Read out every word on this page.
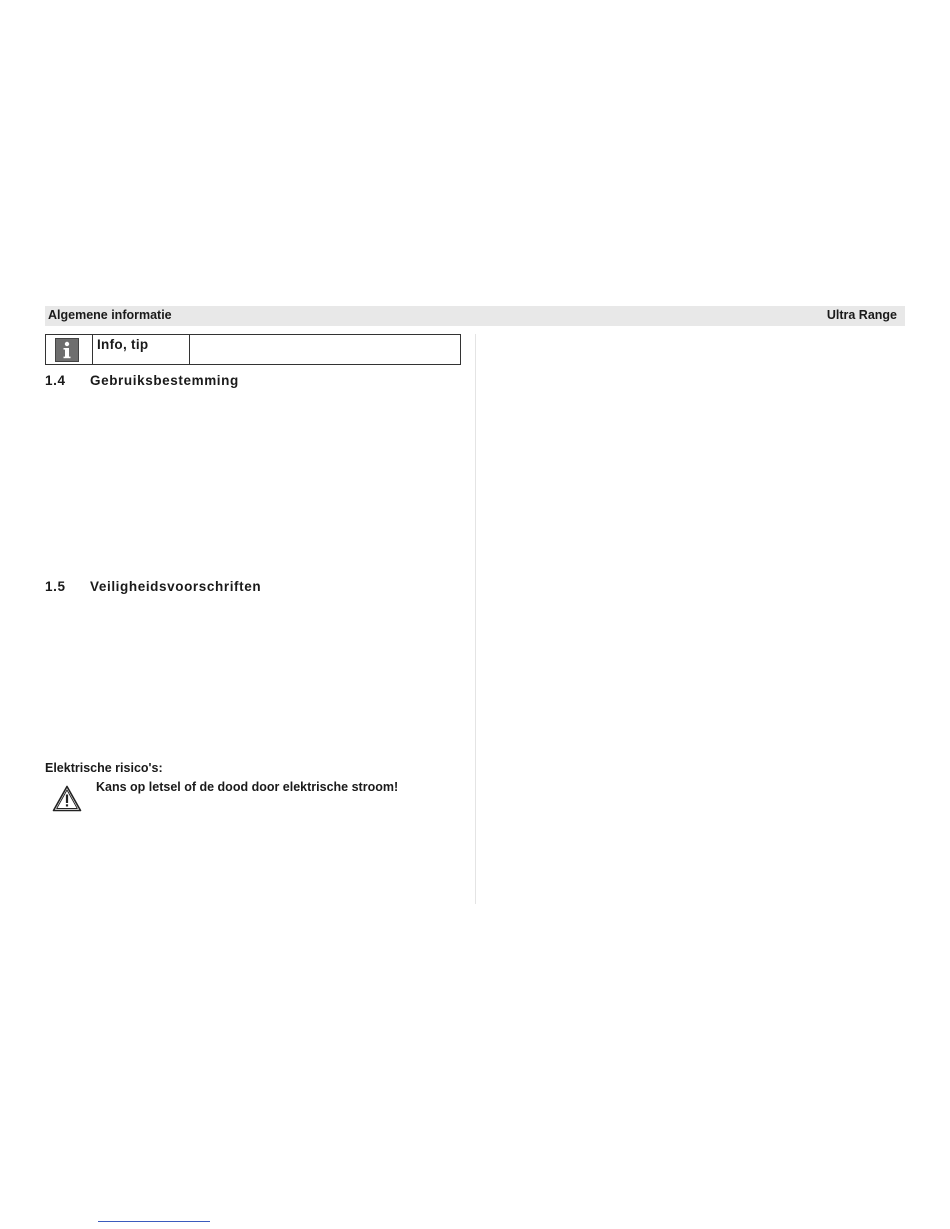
Algemene informatie	Ultra Range
Info, tip
1.4 Gebruiksbestemming
1.5 Veiligheidsvoorschriften
Elektrische risico's:
Kans op letsel of de dood door elektrische stroom!
